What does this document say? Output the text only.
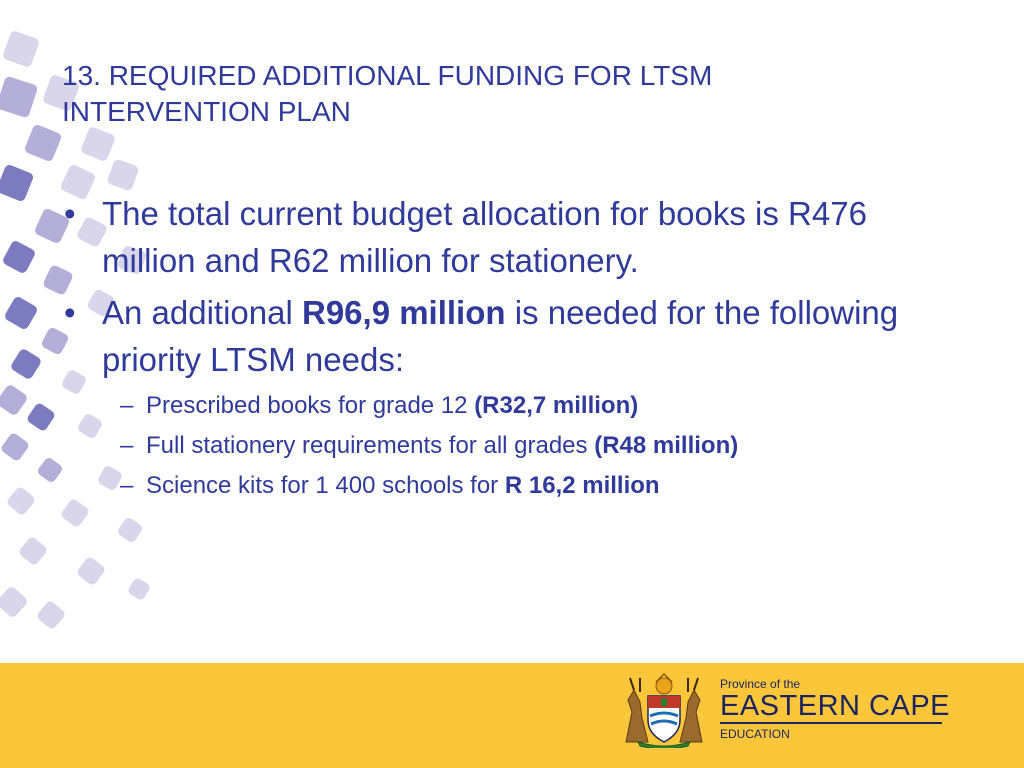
13. REQUIRED ADDITIONAL FUNDING FOR LTSM
INTERVENTION PLAN
• The total current budget allocation for books is R476 million and R62 million for stationery.
• An additional R96,9 million is needed for the following priority LTSM needs:
– Prescribed books for grade 12 (R32,7 million)
– Full stationery requirements for all grades (R48 million)
– Science kits for 1 400 schools for R 16,2 million
Province of the
EASTERN CAPE
EDUCATION
